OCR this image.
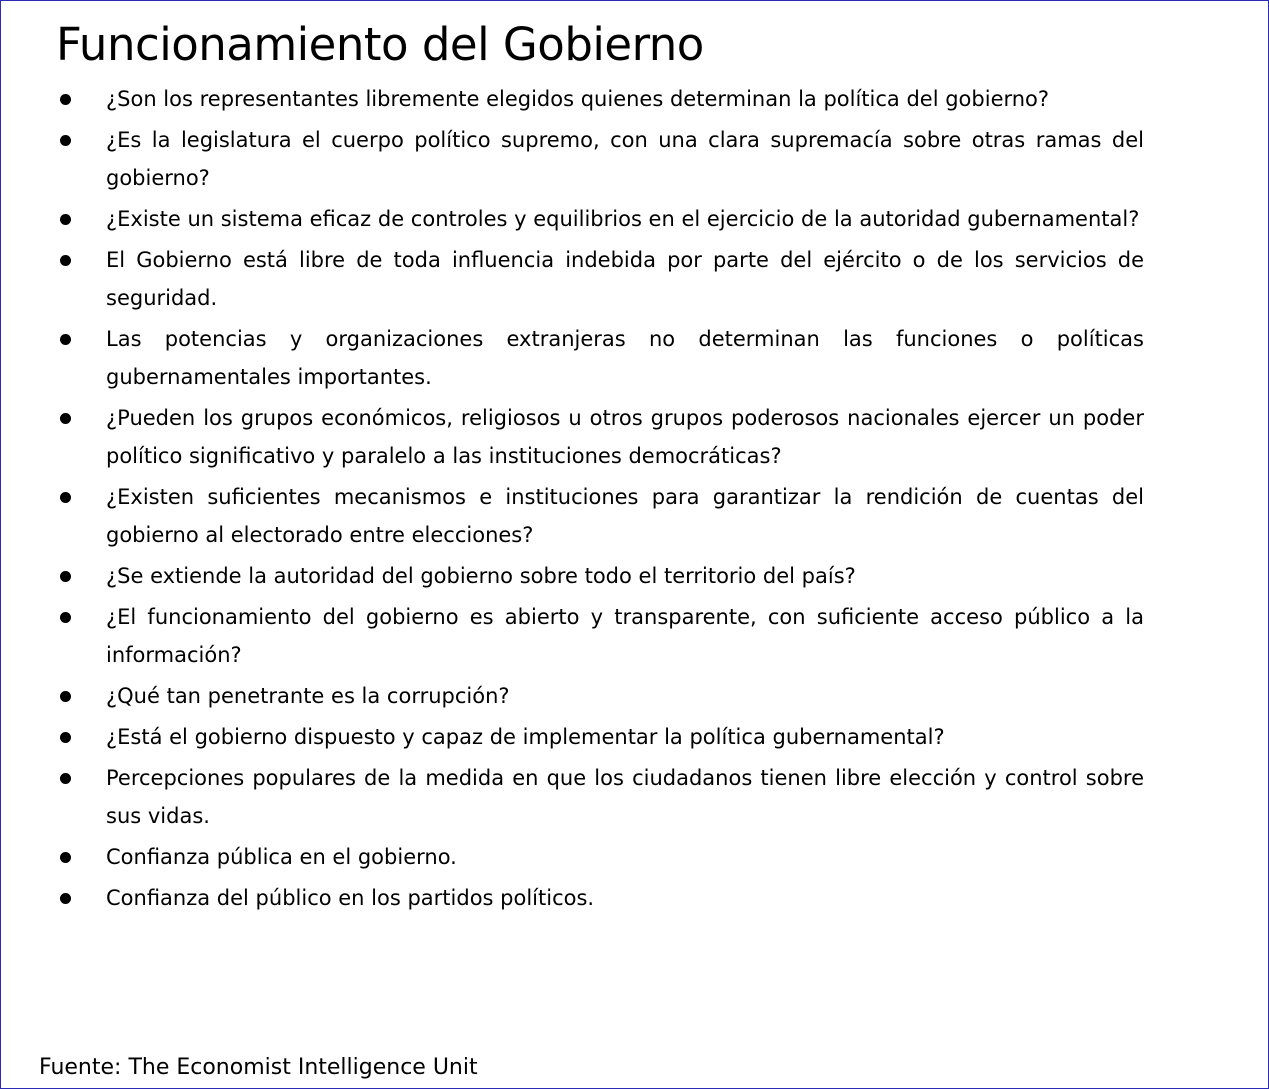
Funcionamiento del Gobierno
¿Son los representantes libremente elegidos quienes determinan la política del gobierno?
¿Es la legislatura el cuerpo político supremo, con una clara supremacía sobre otras ramas del gobierno?
¿Existe un sistema eficaz de controles y equilibrios en el ejercicio de la autoridad gubernamental?
El Gobierno está libre de toda influencia indebida por parte del ejército o de los servicios de seguridad.
Las potencias y organizaciones extranjeras no determinan las funciones o políticas gubernamentales importantes.
¿Pueden los grupos económicos, religiosos u otros grupos poderosos nacionales ejercer un poder político significativo y paralelo a las instituciones democráticas?
¿Existen suficientes mecanismos e instituciones para garantizar la rendición de cuentas del gobierno al electorado entre elecciones?
¿Se extiende la autoridad del gobierno sobre todo el territorio del país?
¿El funcionamiento del gobierno es abierto y transparente, con suficiente acceso público a la información?
¿Qué tan penetrante es la corrupción?
¿Está el gobierno dispuesto y capaz de implementar la política gubernamental?
Percepciones populares de la medida en que los ciudadanos tienen libre elección y control sobre sus vidas.
Confianza pública en el gobierno.
Confianza del público en los partidos políticos.

Fuente: The Economist Intelligence Unit
